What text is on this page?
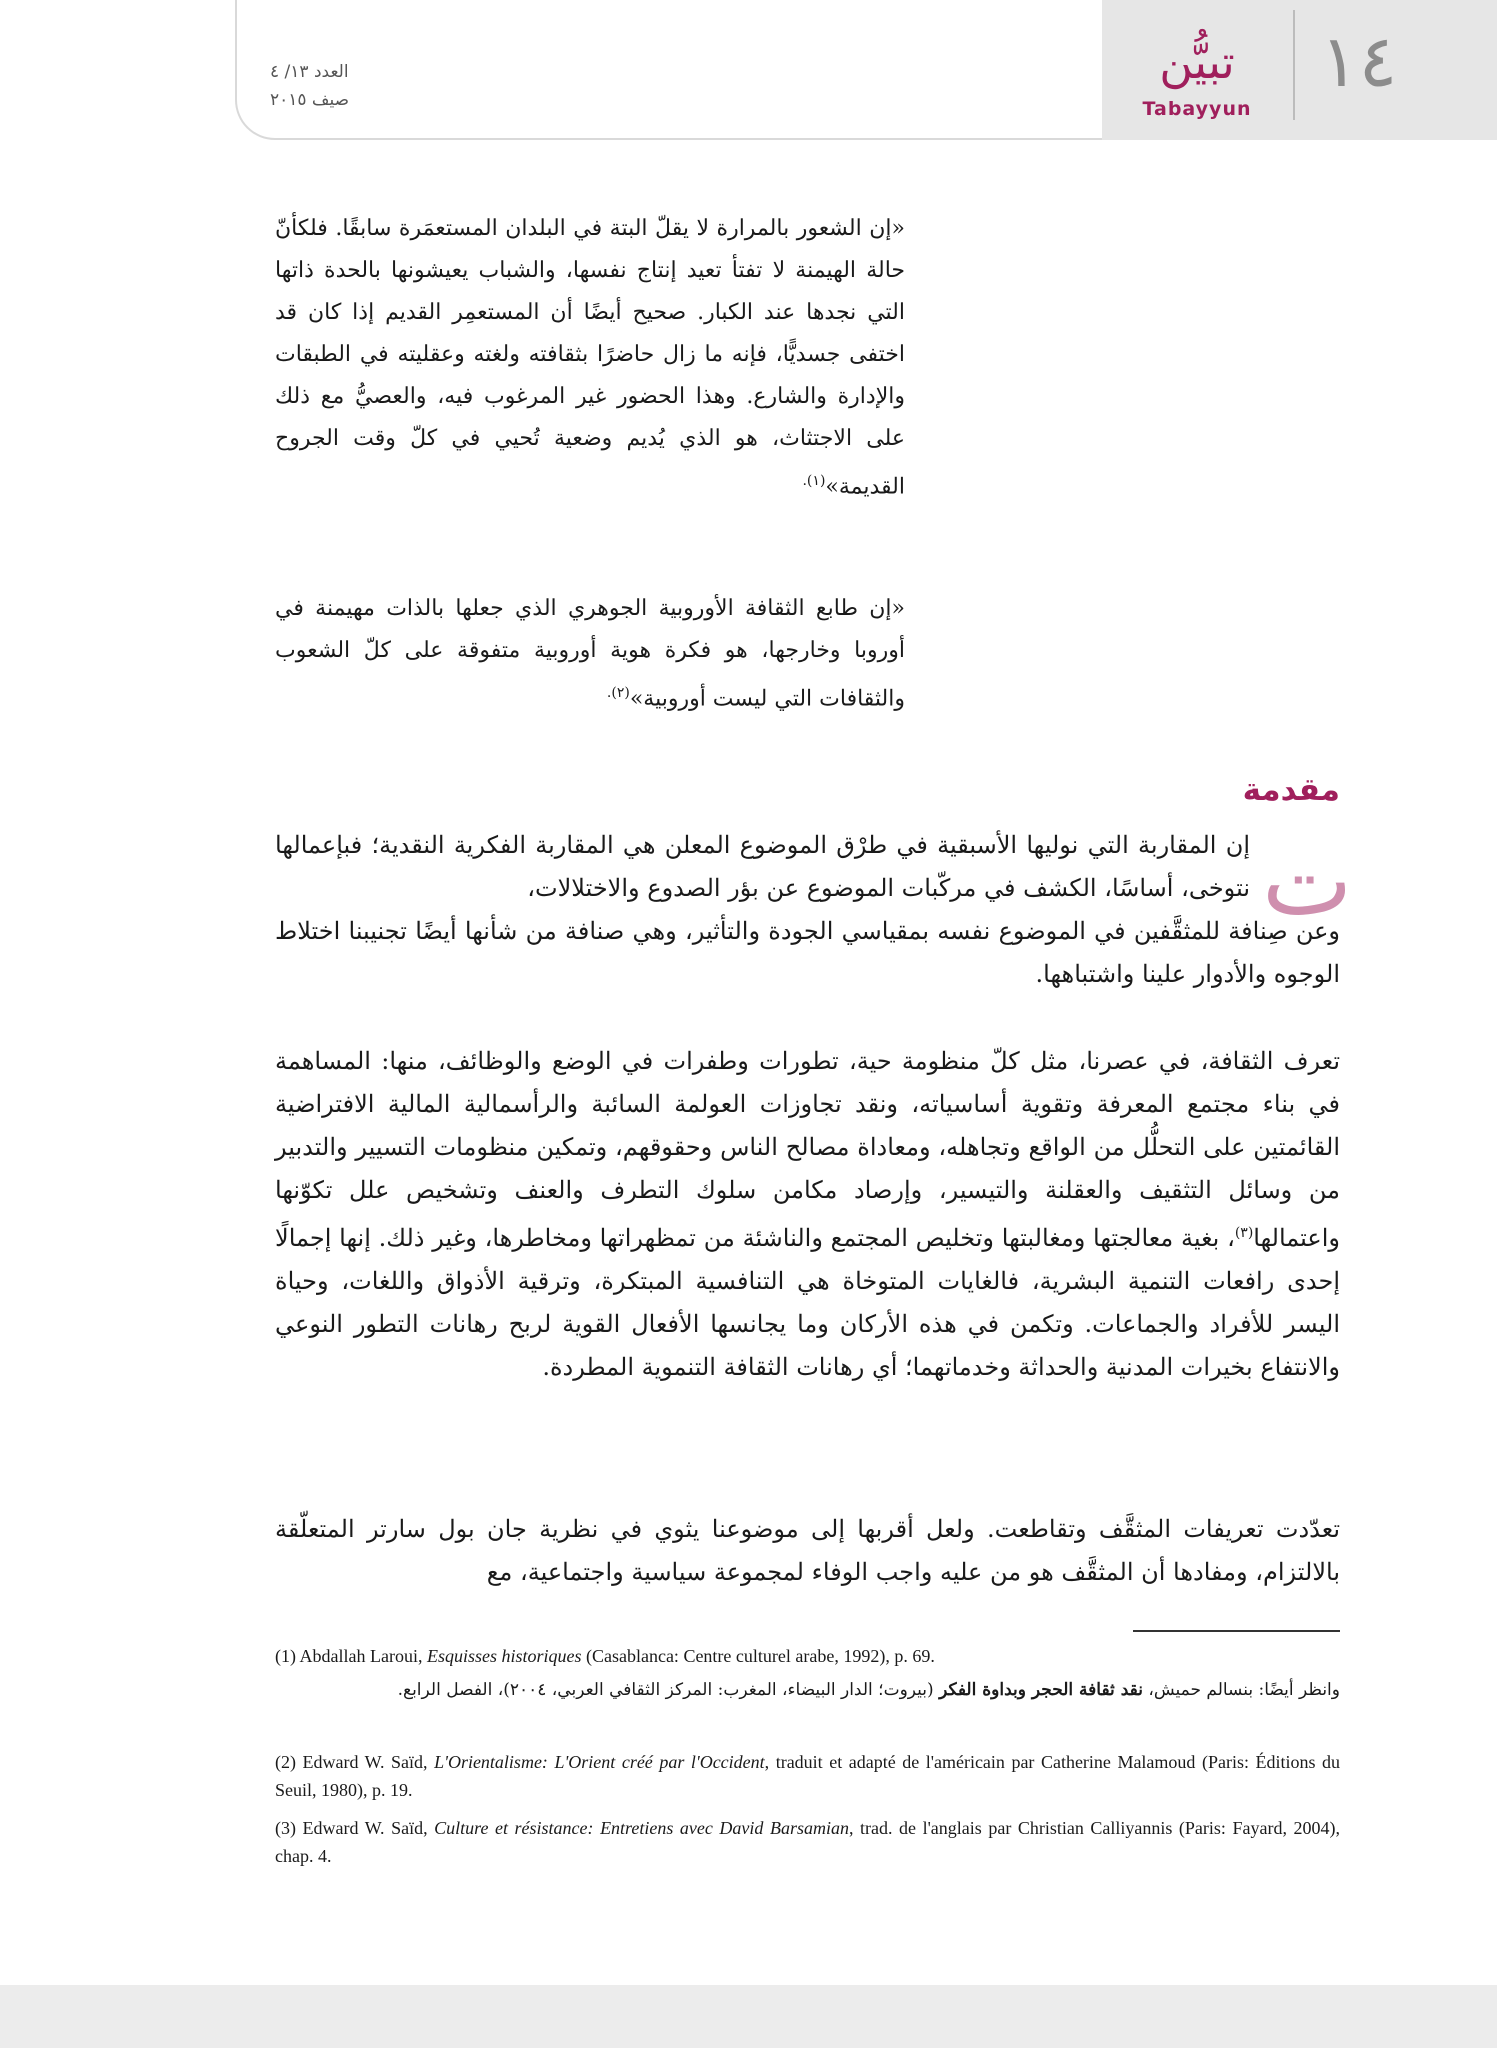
١٤
تبيُّن
Tabayyun
العدد ١٣/ ٤
صيف ٢٠١٥
«إن الشعور بالمرارة لا يقلّ البتة في البلدان المستعمَرة سابقًا. فلكأنّ حالة الهيمنة لا تفتأ تعيد إنتاج نفسها، والشباب يعيشونها بالحدة ذاتها التي نجدها عند الكبار. صحيح أيضًا أن المستعمِر القديم إذا كان قد اختفى جسديًّا، فإنه ما زال حاضرًا بثقافته ولغته وعقليته في الطبقات والإدارة والشارع. وهذا الحضور غير المرغوب فيه، والعصيُّ مع ذلك على الاجتثاث، هو الذي يُديم وضعية تُحيي في كلّ وقت الجروح القديمة»$^{(١).}$
«إن طابع الثقافة الأوروبية الجوهري الذي جعلها بالذات مهيمنة في أوروبا وخارجها، هو فكرة هوية أوروبية متفوقة على كلّ الشعوب والثقافات التي ليست أوروبية»$^{(٢).}$
مقدمة
ت
إن المقاربة التي نوليها الأسبقية في طرْق الموضوع المعلن هي المقاربة الفكرية النقدية؛ فبإعمالها نتوخى، أساسًا، الكشف في مركّبات الموضوع عن بؤر الصدوع والاختلالات،
وعن صِنافة للمثقَّفين في الموضوع نفسه بمقياسي الجودة والتأثير، وهي صنافة من شأنها أيضًا تجنيبنا اختلاط الوجوه والأدوار علينا واشتباهها.
تعرف الثقافة، في عصرنا، مثل كلّ منظومة حية، تطورات وطفرات في الوضع والوظائف، منها: المساهمة في بناء مجتمع المعرفة وتقوية أساسياته، ونقد تجاوزات العولمة السائبة والرأسمالية المالية الافتراضية القائمتين على التحلُّل من الواقع وتجاهله، ومعاداة مصالح الناس وحقوقهم، وتمكين منظومات التسيير والتدبير من وسائل التثقيف والعقلنة والتيسير، وإرصاد مكامن سلوك التطرف والعنف وتشخيص علل تكوّنها واعتمالها$^{(٣)}$، بغية معالجتها ومغالبتها وتخليص المجتمع والناشئة من تمظهراتها ومخاطرها، وغير ذلك. إنها إجمالًا إحدى رافعات التنمية البشرية، فالغايات المتوخاة هي التنافسية المبتكرة، وترقية الأذواق واللغات، وحياة اليسر للأفراد والجماعات. وتكمن في هذه الأركان وما يجانسها الأفعال القوية لربح رهانات التطور النوعي والانتفاع بخيرات المدنية والحداثة وخدماتهما؛ أي رهانات الثقافة التنموية المطردة.
تعدّدت تعريفات المثقَّف وتقاطعت. ولعل أقربها إلى موضوعنا يثوي في نظرية جان بول سارتر المتعلّقة بالالتزام، ومفادها أن المثقَّف هو من عليه واجب الوفاء لمجموعة سياسية واجتماعية، مع
(1) Abdallah Laroui, Esquisses historiques (Casablanca: Centre culturel arabe, 1992), p. 69.
وانظر أيضًا: بنسالم حميش، نقد ثقافة الحجر وبداوة الفكر (بيروت؛ الدار البيضاء، المغرب: المركز الثقافي العربي، ٢٠٠٤)، الفصل الرابع.
(2) Edward W. Saïd, L'Orientalisme: L'Orient créé par l'Occident, traduit et adapté de l'américain par Catherine Malamoud (Paris: Éditions du Seuil, 1980), p. 19.
(3) Edward W. Saïd, Culture et résistance: Entretiens avec David Barsamian, trad. de l'anglais par Christian Calliyannis (Paris: Fayard, 2004), chap. 4.
